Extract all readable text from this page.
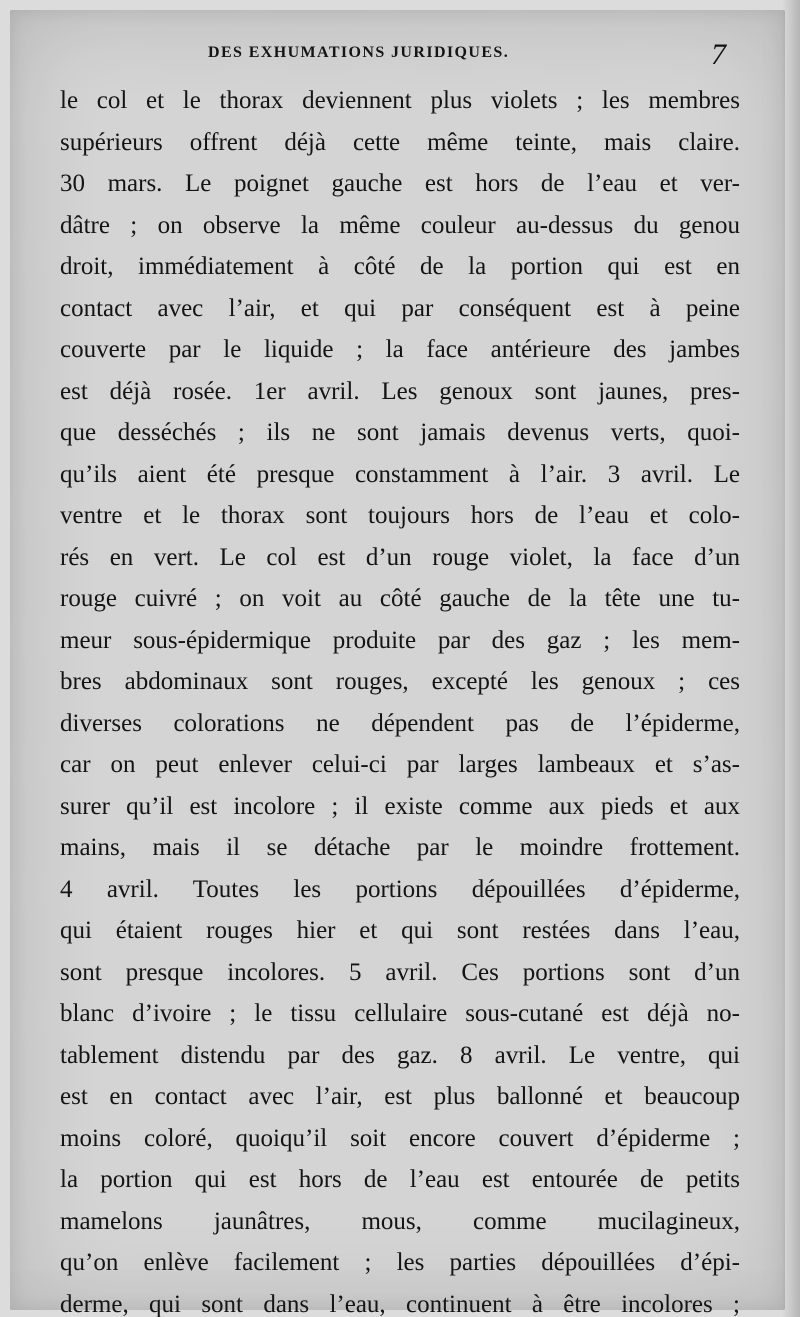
DES EXHUMATIONS JURIDIQUES.	7
le col et le thorax deviennent plus violets ; les membres
supérieurs offrent déjà cette même teinte, mais claire.
30 mars. Le poignet gauche est hors de l’eau et ver-
dâtre ; on observe la même couleur au-dessus du genou
droit, immédiatement à côté de la portion qui est en
contact avec l’air, et qui par conséquent est à peine
couverte par le liquide ; la face antérieure des jambes
est déjà rosée. 1er avril. Les genoux sont jaunes, pres-
que desséchés ; ils ne sont jamais devenus verts, quoi-
qu’ils aient été presque constamment à l’air. 3 avril. Le
ventre et le thorax sont toujours hors de l’eau et colo-
rés en vert. Le col est d’un rouge violet, la face d’un
rouge cuivré ; on voit au côté gauche de la tête une tu-
meur sous-épidermique produite par des gaz ; les mem-
bres abdominaux sont rouges, excepté les genoux ; ces
diverses colorations ne dépendent pas de l’épiderme,
car on peut enlever celui-ci par larges lambeaux et s’as-
surer qu’il est incolore ; il existe comme aux pieds et aux
mains, mais il se détache par le moindre frottement.
4 avril. Toutes les portions dépouillées d’épiderme,
qui étaient rouges hier et qui sont restées dans l’eau,
sont presque incolores. 5 avril. Ces portions sont d’un
blanc d’ivoire ; le tissu cellulaire sous-cutané est déjà no-
tablement distendu par des gaz. 8 avril. Le ventre, qui
est en contact avec l’air, est plus ballonné et beaucoup
moins coloré, quoiqu’il soit encore couvert d’épiderme ;
la portion qui est hors de l’eau est entourée de petits
mamelons jaunâtres, mous, comme mucilagineux,
qu’on enlève facilement ; les parties dépouillées d’épi-
derme, qui sont dans l’eau, continuent à être incolores ;
